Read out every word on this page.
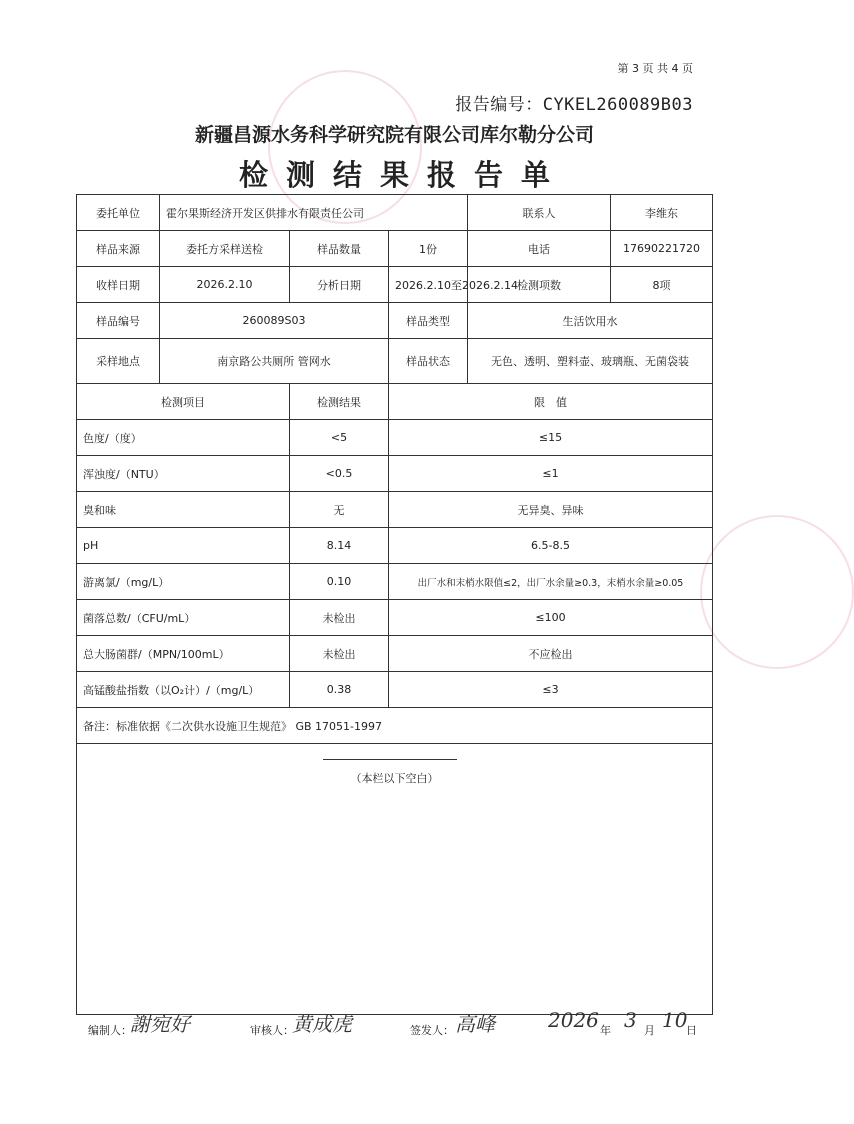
第 3 页 共 4 页
报告编号：CYKEL260089B03
新疆昌源水务科学研究院有限公司库尔勒分公司
检测结果报告单
委托单位	霍尔果斯经济开发区供排水有限责任公司			联系人	李维东
样品来源	委托方采样送检	样品数量	1份	电话	17690221720
收样日期	2026.2.10	分析日期	2026.2.10至2026.2.14	检测项数	8项
样品编号	260089S03		样品类型	生活饮用水	
采样地点	南京路公共厕所 管网水		样品状态	无色、透明、塑料壶、玻璃瓶、无菌袋装	
检测项目		检测结果	限　值		
色度/（度）		<5	≤15		
浑浊度/（NTU）		<0.5	≤1		
臭和味		无	无异臭、异味		
pH		8.14	6.5-8.5		
游离氯/（mg/L）		0.10	出厂水和末梢水限值≤2，出厂水余量≥0.3，末梢水余量≥0.05		
菌落总数/（CFU/mL）		未检出	≤100		
总大肠菌群/（MPN/100mL）		未检出	不应检出		
高锰酸盐指数（以O₂计）/（mg/L）		0.38	≤3		
备注：标准依据《二次供水设施卫生规范》 GB 17051-1997					

（本栏以下空白）					
编制人：
謝宛好	审核人：
黄成虎	签发人： 高峰	2026 年 3 月 10
日
